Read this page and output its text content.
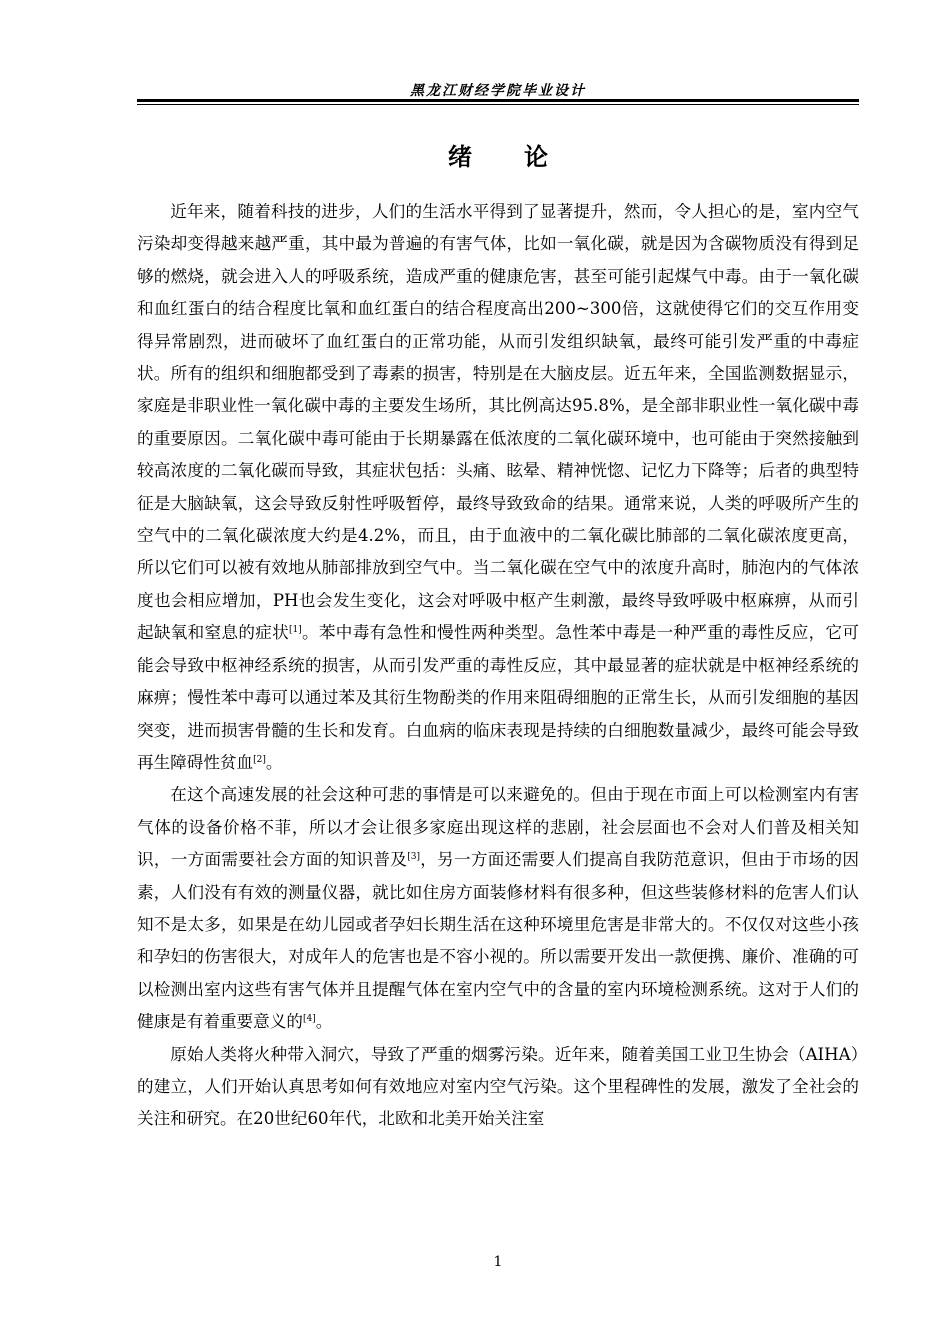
黑龙江财经学院毕业设计
绪 论

近年来，随着科技的进步，人们的生活水平得到了显著提升，然而，令人担心的是，室内空气污染却变得越来越严重，其中最为普遍的有害气体，比如一氧化碳，就是因为含碳物质没有得到足够的燃烧，就会进入人的呼吸系统，造成严重的健康危害，甚至可能引起煤气中毒。由于一氧化碳和血红蛋白的结合程度比氧和血红蛋白的结合程度高出200~300倍，这就使得它们的交互作用变得异常剧烈，进而破坏了血红蛋白的正常功能，从而引发组织缺氧，最终可能引发严重的中毒症状。所有的组织和细胞都受到了毒素的损害，特别是在大脑皮层。近五年来，全国监测数据显示，家庭是非职业性一氧化碳中毒的主要发生场所，其比例高达95.8%，是全部非职业性一氧化碳中毒的重要原因。二氧化碳中毒可能由于长期暴露在低浓度的二氧化碳环境中，也可能由于突然接触到较高浓度的二氧化碳而导致，其症状包括：头痛、眩晕、精神恍惚、记忆力下降等；后者的典型特征是大脑缺氧，这会导致反射性呼吸暂停，最终导致致命的结果。通常来说，人类的呼吸所产生的空气中的二氧化碳浓度大约是4.2%，而且，由于血液中的二氧化碳比肺部的二氧化碳浓度更高，所以它们可以被有效地从肺部排放到空气中。当二氧化碳在空气中的浓度升高时，肺泡内的气体浓度也会相应增加，PH也会发生变化，这会对呼吸中枢产生刺激，最终导致呼吸中枢麻痹，从而引起缺氧和窒息的症状[1]。苯中毒有急性和慢性两种类型。急性苯中毒是一种严重的毒性反应，它可能会导致中枢神经系统的损害，从而引发严重的毒性反应，其中最显著的症状就是中枢神经系统的麻痹；慢性苯中毒可以通过苯及其衍生物酚类的作用来阻碍细胞的正常生长，从而引发细胞的基因突变，进而损害骨髓的生长和发育。白血病的临床表现是持续的白细胞数量减少，最终可能会导致再生障碍性贫血[2]。

在这个高速发展的社会这种可悲的事情是可以来避免的。但由于现在市面上可以检测室内有害气体的设备价格不菲，所以才会让很多家庭出现这样的悲剧，社会层面也不会对人们普及相关知识，一方面需要社会方面的知识普及[3]，另一方面还需要人们提高自我防范意识，但由于市场的因素，人们没有有效的测量仪器，就比如住房方面装修材料有很多种，但这些装修材料的危害人们认知不是太多，如果是在幼儿园或者孕妇长期生活在这种环境里危害是非常大的。不仅仅对这些小孩和孕妇的伤害很大，对成年人的危害也是不容小视的。所以需要开发出一款便携、廉价、准确的可以检测出室内这些有害气体并且提醒气体在室内空气中的含量的室内环境检测系统。这对于人们的健康是有着重要意义的[4]。

原始人类将火种带入洞穴，导致了严重的烟雾污染。近年来，随着美国工业卫生协会（AIHA）的建立，人们开始认真思考如何有效地应对室内空气污染。这个里程碑性的发展，激发了全社会的关注和研究。在20世纪60年代，北欧和北美开始关注室

1
